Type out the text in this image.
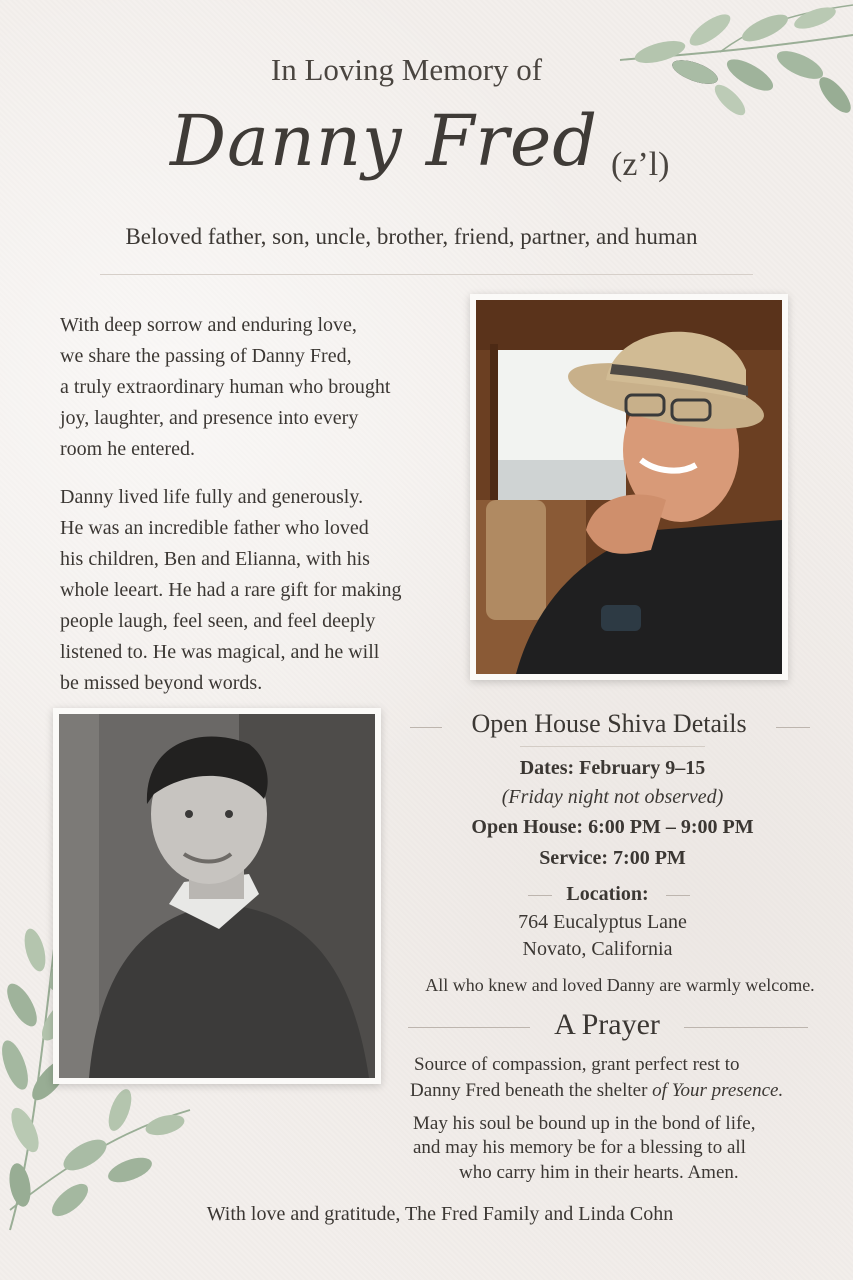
In Loving Memory of
Danny Fred (z’l)
Beloved father, son, uncle, brother, friend, partner, and human
With deep sorrow and enduring love,
we share the passing of Danny Fred,
a truly extraordinary human who brought
joy, laughter, and presence into every
room he entered.
Danny lived life fully and generously.
He was an incredible father who loved
his children, Ben and Elianna, with his
whole leeart. He had a rare gift for making
people laugh, feel seen, and feel deeply
listened to. He was magical, and he will
be missed beyond words.
Open House Shiva Details
Dates: February 9–15
(Friday night not observed)
Open House: 6:00 PM – 9:00 PM
Service: 7:00 PM
Location:
764 Eucalyptus Lane
Novato, California
All who knew and loved Danny are warmly welcome.
A Prayer
Source of compassion, grant perfect rest to
Danny Fred beneath the shelter of Your presence.
May his soul be bound up in the bond of life,
and may his memory be for a blessing to all
who carry him in their hearts. Amen.
With love and gratitude, The Fred Family and Linda Cohn
